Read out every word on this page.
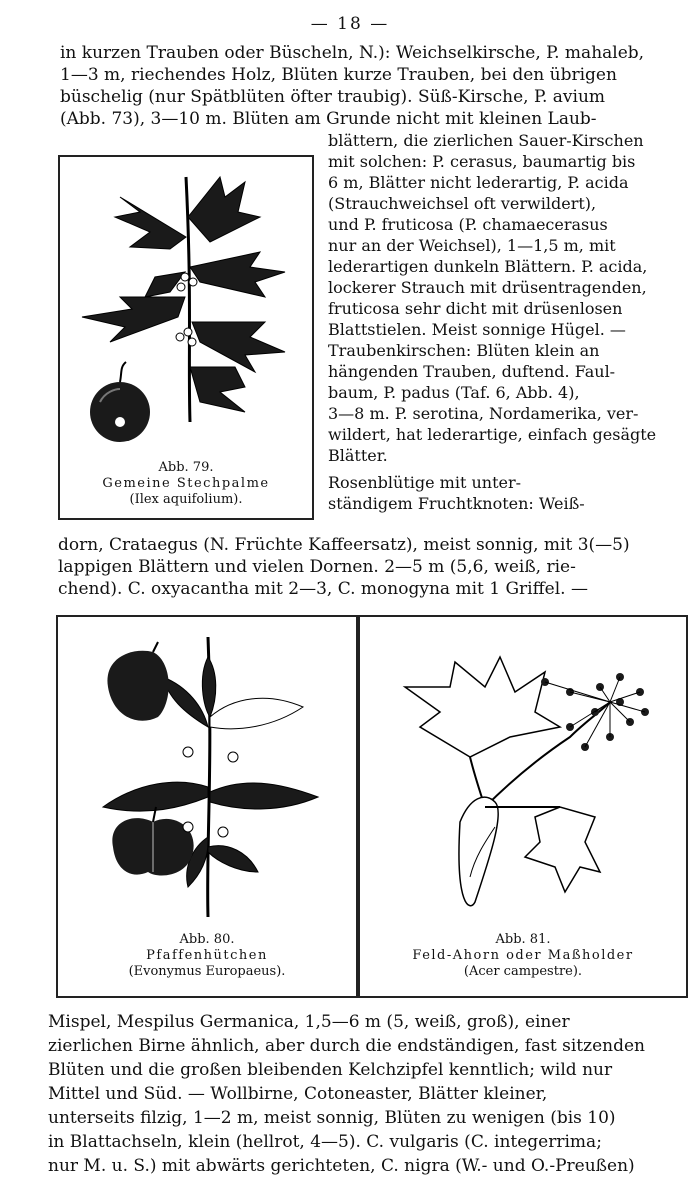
— 18 —

in kurzen Trauben oder Büscheln, N.): Weichselkirsche, P. mahaleb,
1—3 m, riechendes Holz, Blüten kurze Trauben, bei den übrigen
büschelig (nur Spätblüten öfter traubig). Süß-Kirsche, P. avium
(Abb. 73), 3—10 m. Blüten am Grunde nicht mit kleinen Laub-

Abb. 79.
Gemeine Stechpalme
(Ilex aquifolium).

blättern, die zierlichen Sauer-Kirschen
mit solchen: P. cerasus, baumartig bis
6 m, Blätter nicht lederartig, P. acida
(Strauchweichsel oft verwildert),
und P. fruticosa (P. chamaecerasus
nur an der Weichsel), 1—1,5 m, mit
lederartigen dunkeln Blättern. P. acida,
lockerer Strauch mit drüsentragenden,
fruticosa sehr dicht mit drüsenlosen
Blattstielen. Meist sonnige Hügel. —
Traubenkirschen: Blüten klein an
hängenden Trauben, duftend. Faul-
baum, P. padus (Taf. 6, Abb. 4),
3—8 m. P. serotina, Nordamerika, ver-
wildert, hat lederartige, einfach gesägte
Blätter.
Rosenblütige mit unter-
ständigem Fruchtknoten: Weiß-

dorn, Crataegus (N. Früchte Kaffeersatz), meist sonnig, mit 3(—5)
lappigen Blättern und vielen Dornen. 2—5 m (5,6, weiß, rie-
chend). C. oxyacantha mit 2—3, C. monogyna mit 1 Griffel. —

Abb. 80.
Pfaffenhütchen
(Evonymus Europaeus).
Abb. 81.
Feld-Ahorn oder Maßholder
(Acer campestre).

Mispel, Mespilus Germanica, 1,5—6 m (5, weiß, groß), einer
zierlichen Birne ähnlich, aber durch die endständigen, fast sitzenden
Blüten und die großen bleibenden Kelchzipfel kenntlich; wild nur
Mittel und Süd. — Wollbirne, Cotoneaster, Blätter kleiner,
unterseits filzig, 1—2 m, meist sonnig, Blüten zu wenigen (bis 10)
in Blattachseln, klein (hellrot, 4—5). C. vulgaris (C. integerrima;
nur M. u. S.) mit abwärts gerichteten, C. nigra (W.- und O.-Preußen)
